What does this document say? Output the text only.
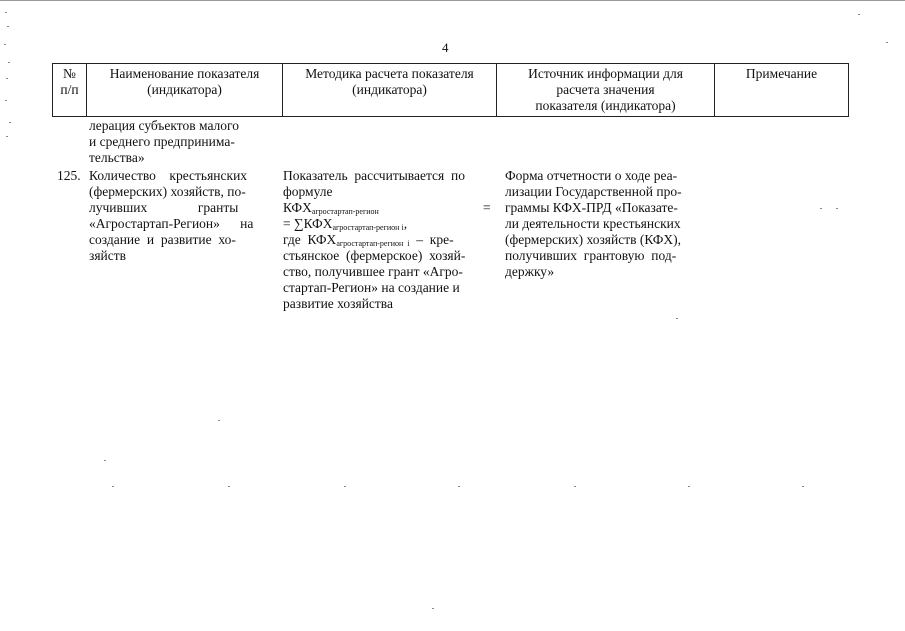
4
№
п/п
Наименование показателя
(индикатора)
Методика расчета показателя
(индикатора)
Источник информации для
расчета значения
показателя (индикатора)
Примечание
лерация субъектов малого
и среднего предпринима-
тельства»
125. Количество    крестьянских
(фермерских) хозяйств, по-
лучивших               гранты
«Агростартап-Регион»      на
создание  и  развитие  хо-
зяйств
Показатель  рассчитывается  по
формуле
$КФХ_{агростартап-регион}$	=
= $\sum КФХ_{агростартап-регион i}$,
где  $КФХ_{агростартап-регион i} - кре-$
стьянское  (фермерское)  хозяй-
ство, получившее грант «Агро-
стартап-Регион» на создание и
развитие хозяйства
Форма отчетности о ходе реа-
лизации Государственной про-
граммы КФХ-ПРД «Показате-
ли деятельности крестьянских
(фермерских) хозяйств (КФХ),
получивших  грантовую  под-
держку»
